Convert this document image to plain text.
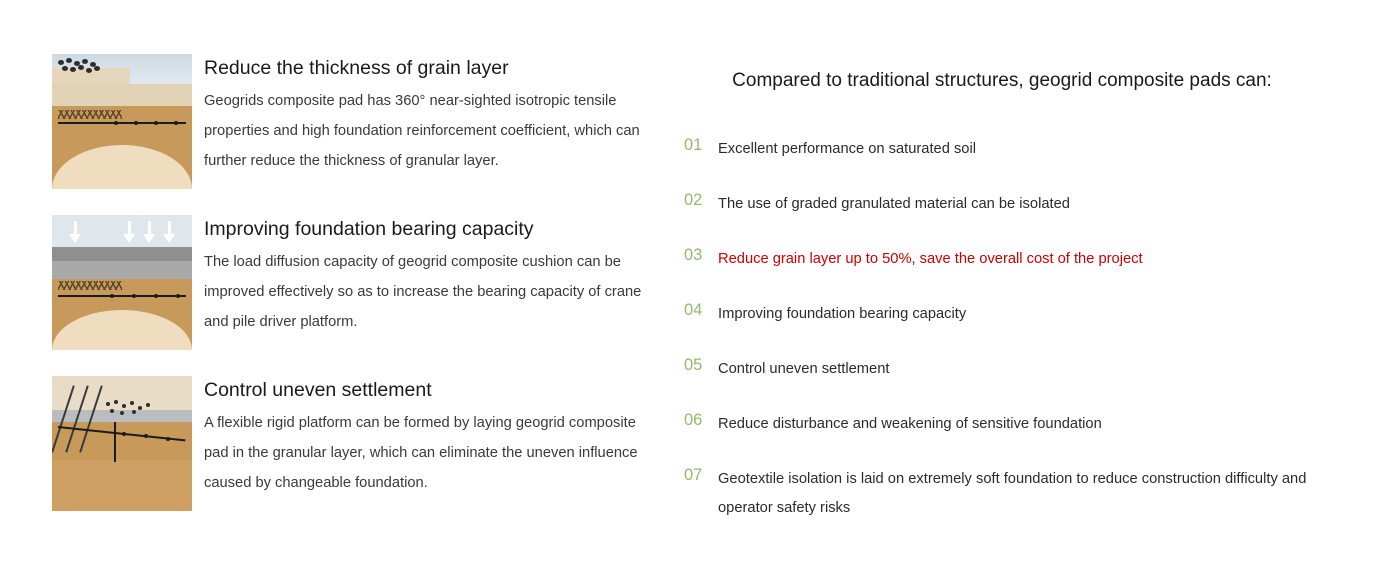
Reduce the thickness of grain layer

Geogrids composite pad has 360° near-sighted isotropic tensile properties and high foundation reinforcement coefficient, which can further reduce the thickness of granular layer.

Improving foundation bearing capacity

The load diffusion capacity of geogrid composite cushion can be improved effectively so as to increase the bearing capacity of crane and pile driver platform.

Control uneven settlement

A flexible rigid platform can be formed by laying geogrid composite pad in the granular layer, which can eliminate the uneven influence caused by changeable foundation.

Compared to traditional structures, geogrid composite pads can:
01	Excellent performance on saturated soil
02	The use of graded granulated material can be isolated
03	Reduce grain layer up to 50%, save the overall cost of the project
04	Improving foundation bearing capacity
05	Control uneven settlement
06	Reduce disturbance and weakening of sensitive foundation
07	Geotextile isolation is laid on extremely soft foundation to reduce construction difficulty and operator safety risks
